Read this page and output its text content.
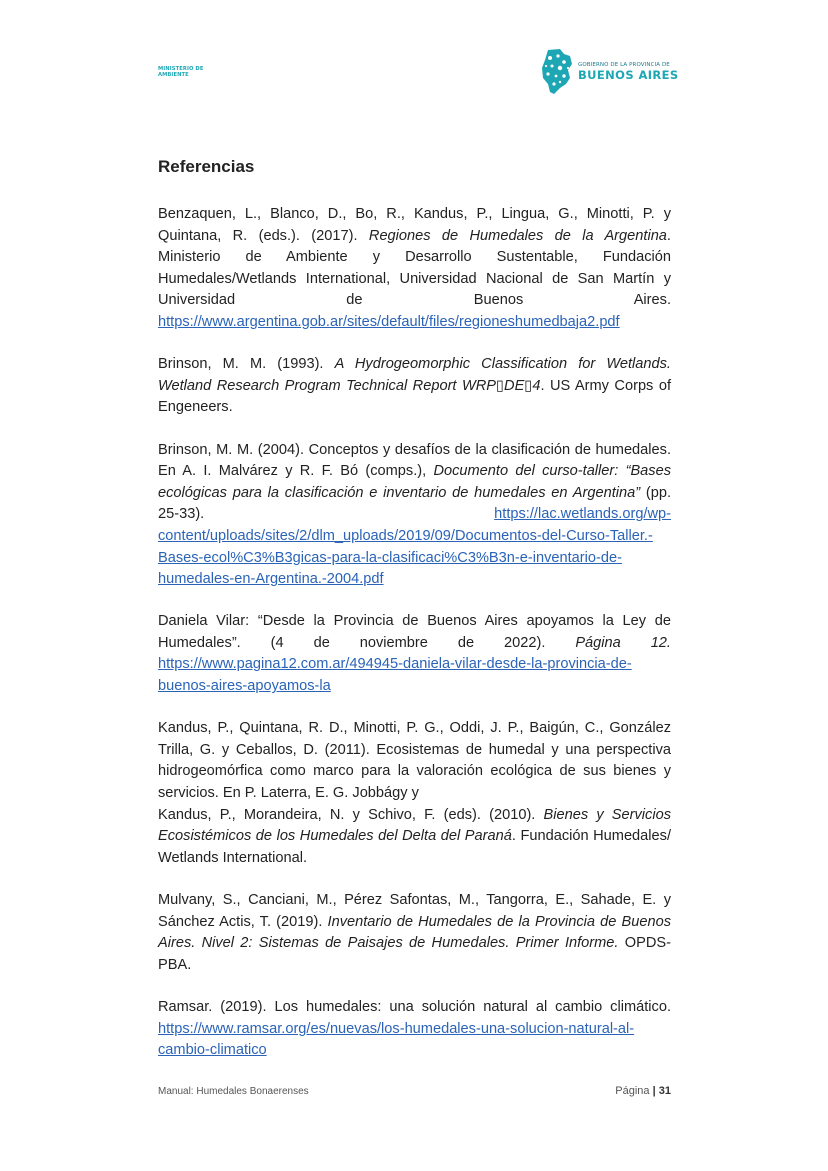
MINISTERIO DE
AMBIENTE
GOBIERNO DE LA PROVINCIA DE
BUENOS AIRES
Referencias

Benzaquen, L., Blanco, D., Bo, R., Kandus, P., Lingua, G., Minotti, P. y Quintana, R. (eds.). (2017). Regiones de Humedales de la Argentina. Ministerio de Ambiente y Desarrollo Sustentable, Fundación Humedales/Wetlands International, Universidad Nacional de San Martín y Universidad de Buenos Aires. https://www.argentina.gob.ar/sites/default/files/regioneshumedbaja2.pdf

Brinson, M. M. (1993). A Hydrogeomorphic Classification for Wetlands. Wetland Research Program Technical Report WRP▯DE▯4. US Army Corps of Engeneers.

Brinson, M. M. (2004). Conceptos y desafíos de la clasificación de humedales. En A. I. Malvárez y R. F. Bó (comps.), Documento del curso-taller: “Bases ecológicas para la clasificación e inventario de humedales en Argentina” (pp. 25-33). https://lac.wetlands.org/wp-content/uploads/sites/2/dlm_uploads/2019/09/Documentos-del-Curso-Taller.-Bases-ecol%C3%B3gicas-para-la-clasificaci%C3%B3n-e-inventario-de-humedales-en-Argentina.-2004.pdf

Daniela Vilar: “Desde la Provincia de Buenos Aires apoyamos la Ley de Humedales”. (4 de noviembre de 2022). Página 12. https://www.pagina12.com.ar/494945-daniela-vilar-desde-la-provincia-de-buenos-aires-apoyamos-la

Kandus, P., Quintana, R. D., Minotti, P. G., Oddi, J. P., Baigún, C., González Trilla, G. y Ceballos, D. (2011). Ecosistemas de humedal y una perspectiva hidrogeomórfica como marco para la valoración ecológica de sus bienes y servicios. En P. Laterra, E. G. Jobbágy y
Kandus, P., Morandeira, N. y Schivo, F. (eds). (2010). Bienes y Servicios Ecosistémicos de los Humedales del Delta del Paraná. Fundación Humedales/ Wetlands International.

Mulvany, S., Canciani, M., Pérez Safontas, M., Tangorra, E., Sahade, E. y Sánchez Actis, T. (2019). Inventario de Humedales de la Provincia de Buenos Aires. Nivel 2: Sistemas de Paisajes de Humedales. Primer Informe. OPDS-PBA.

Ramsar. (2019). Los humedales: una solución natural al cambio climático. https://www.ramsar.org/es/nuevas/los-humedales-una-solucion-natural-al-cambio-climatico

Manual: Humedales Bonaerenses	Página | 31
